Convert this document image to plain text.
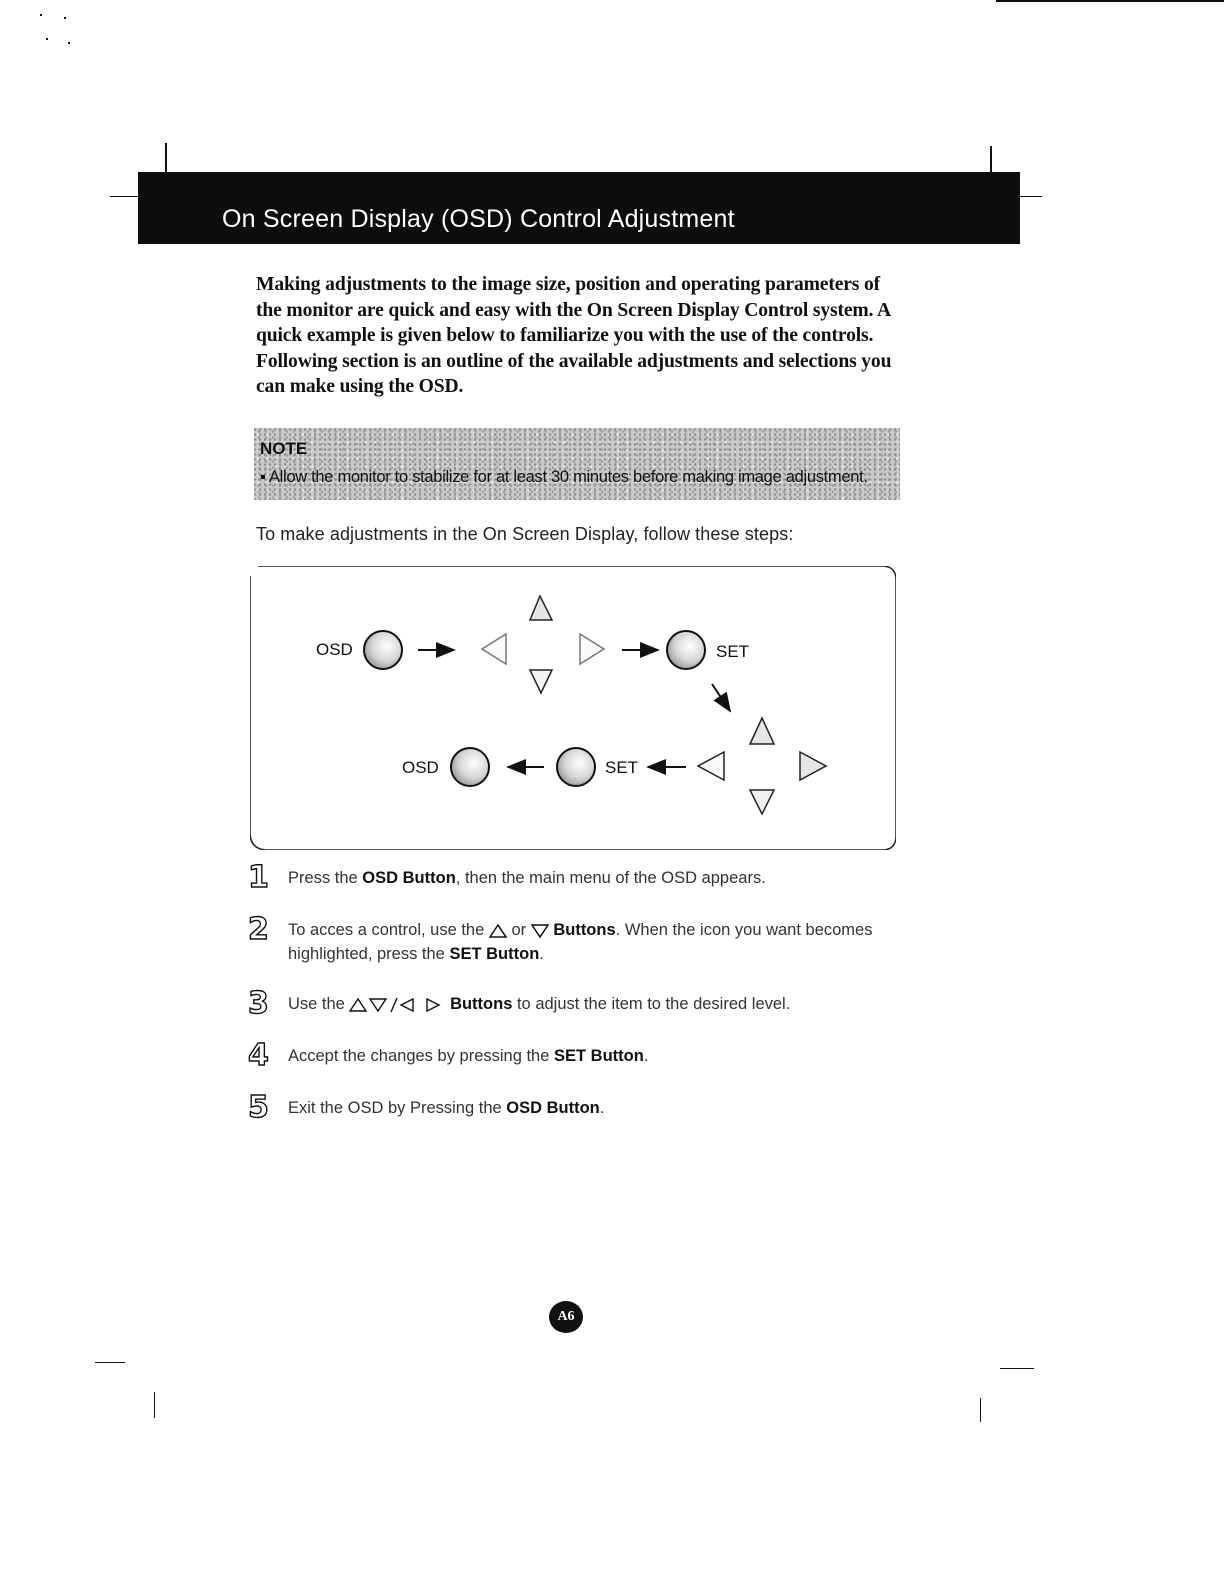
On Screen Display (OSD) Control Adjustment
Making adjustments to the image size, position and operating parameters of the monitor are quick and easy with the On Screen Display Control system. A quick example is given below to familiarize you with the use of the controls. Following section is an outline of the available adjustments and selections you can make using the OSD.
NOTE
▪ Allow the monitor to stabilize for at least 30 minutes before making image adjustment.
To make adjustments in the On Screen Display, follow these steps:
OSD	SET
OSD	SET
1 Press the OSD Button, then the main menu of the OSD appears.
2 To acces a control, use the or Buttons. When the icon you want becomes highlighted, press the SET Button.
3 Use the	Buttons to adjust the item to the desired level.
4 Accept the changes by pressing the SET Button.
5 Exit the OSD by Pressing the OSD Button.
A6
